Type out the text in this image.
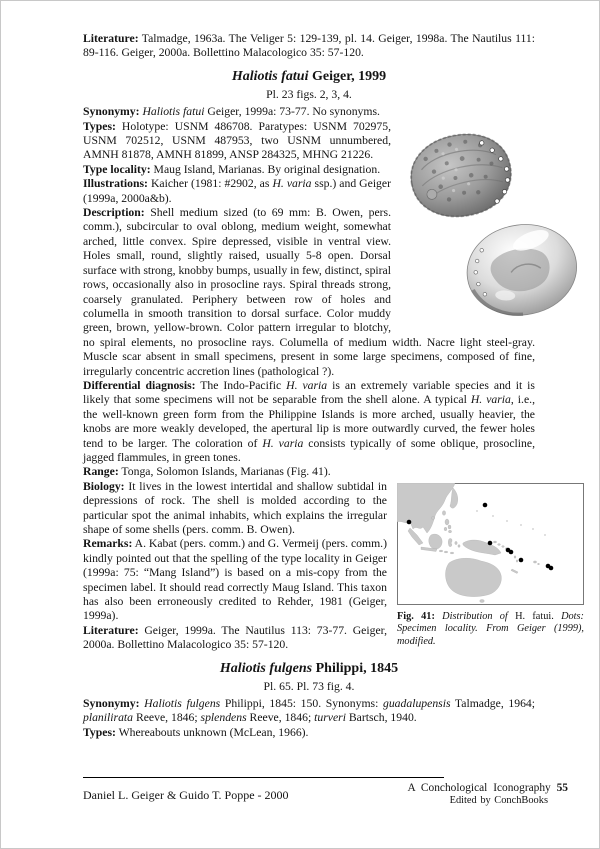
Literature: Talmadge, 1963a. The Veliger 5: 129-139, pl. 14. Geiger, 1998a. The Nautilus 111: 89-116. Geiger, 2000a. Bollettino Malacologico 35: 57-120.

Haliotis fatui Geiger, 1999
Pl. 23 figs. 2, 3, 4.

Synonymy: Haliotis fatui Geiger, 1999a: 73-77. No synonyms.

Types: Holotype: USNM 486708. Paratypes: USNM 702975, USNM 702512, USNM 487953, two USNM unnumbered, AMNH 81878, AMNH 81899, ANSP 284325, MHNG 21226.

Type locality: Maug Island, Marianas. By original designation.

Illustrations: Kaicher (1981: #2902, as H. varia ssp.) and Geiger (1999a, 2000a&b).

Description: Shell medium sized (to 69 mm: B. Owen, pers. comm.), subcircular to oval oblong, medium weight, somewhat arched, little convex. Spire depressed, visible in ventral view. Holes small, round, slightly raised, usually 5-8 open. Dorsal surface with strong, knobby bumps, usually in few, distinct, spiral rows, occasionally also in prosocline rays. Spiral threads strong, coarsely granulated. Periphery between row of holes and columella in smooth transition to dorsal surface. Color muddy green, brown, yellow-brown. Color pattern irregular to blotchy, no spiral elements, no prosocline rays. Columella of medium width. Nacre light steel-gray. Muscle scar absent in small specimens, present in some large specimens, composed of fine, irregularly concentric accretion lines (pathological ?).

Differential diagnosis: The Indo-Pacific H. varia is an extremely variable species and it is likely that some specimens will not be separable from the shell alone. A typical H. varia, i.e., the well-known green form from the Philippine Islands is more arched, usually heavier, the knobs are more weakly developed, the apertural lip is more outwardly curved, the fewer holes tend to be larger. The coloration of H. varia consists typically of some oblique, prosocline, jagged flammules, in green tones.

Range: Tonga, Solomon Islands, Marianas (Fig. 41).

Fig. 41: Distribution of H. fatui. Dots: Specimen locality. From Geiger (1999), modified.

Biology: It lives in the lowest intertidal and shallow subtidal in depressions of rock. The shell is molded according to the particular spot the animal inhabits, which explains the irregular shape of some shells (pers. comm. B. Owen).

Remarks: A. Kabat (pers. comm.) and G. Vermeij (pers. comm.) kindly pointed out that the spelling of the type locality in Geiger (1999a: 75: “Mang Island”) is based on a mis-copy from the specimen label. It should read correctly Maug Island. This taxon has also been erroneously credited to Rehder, 1981 (Geiger, 1999a).

Literature: Geiger, 1999a. The Nautilus 113: 73-77. Geiger, 2000a. Bollettino Malacologico 35: 57-120.

Haliotis fulgens Philippi, 1845
Pl. 65. Pl. 73 fig. 4.

Synonymy: Haliotis fulgens Philippi, 1845: 150. Synonyms: guadalupensis Talmadge, 1964; planilirata Reeve, 1846; splendens Reeve, 1846; turveri Bartsch, 1940.

Types: Whereabouts unknown (McLean, 1966).

Daniel L. Geiger & Guido T. Poppe - 2000	A Conchological Iconography 55
Edited by ConchBooks
